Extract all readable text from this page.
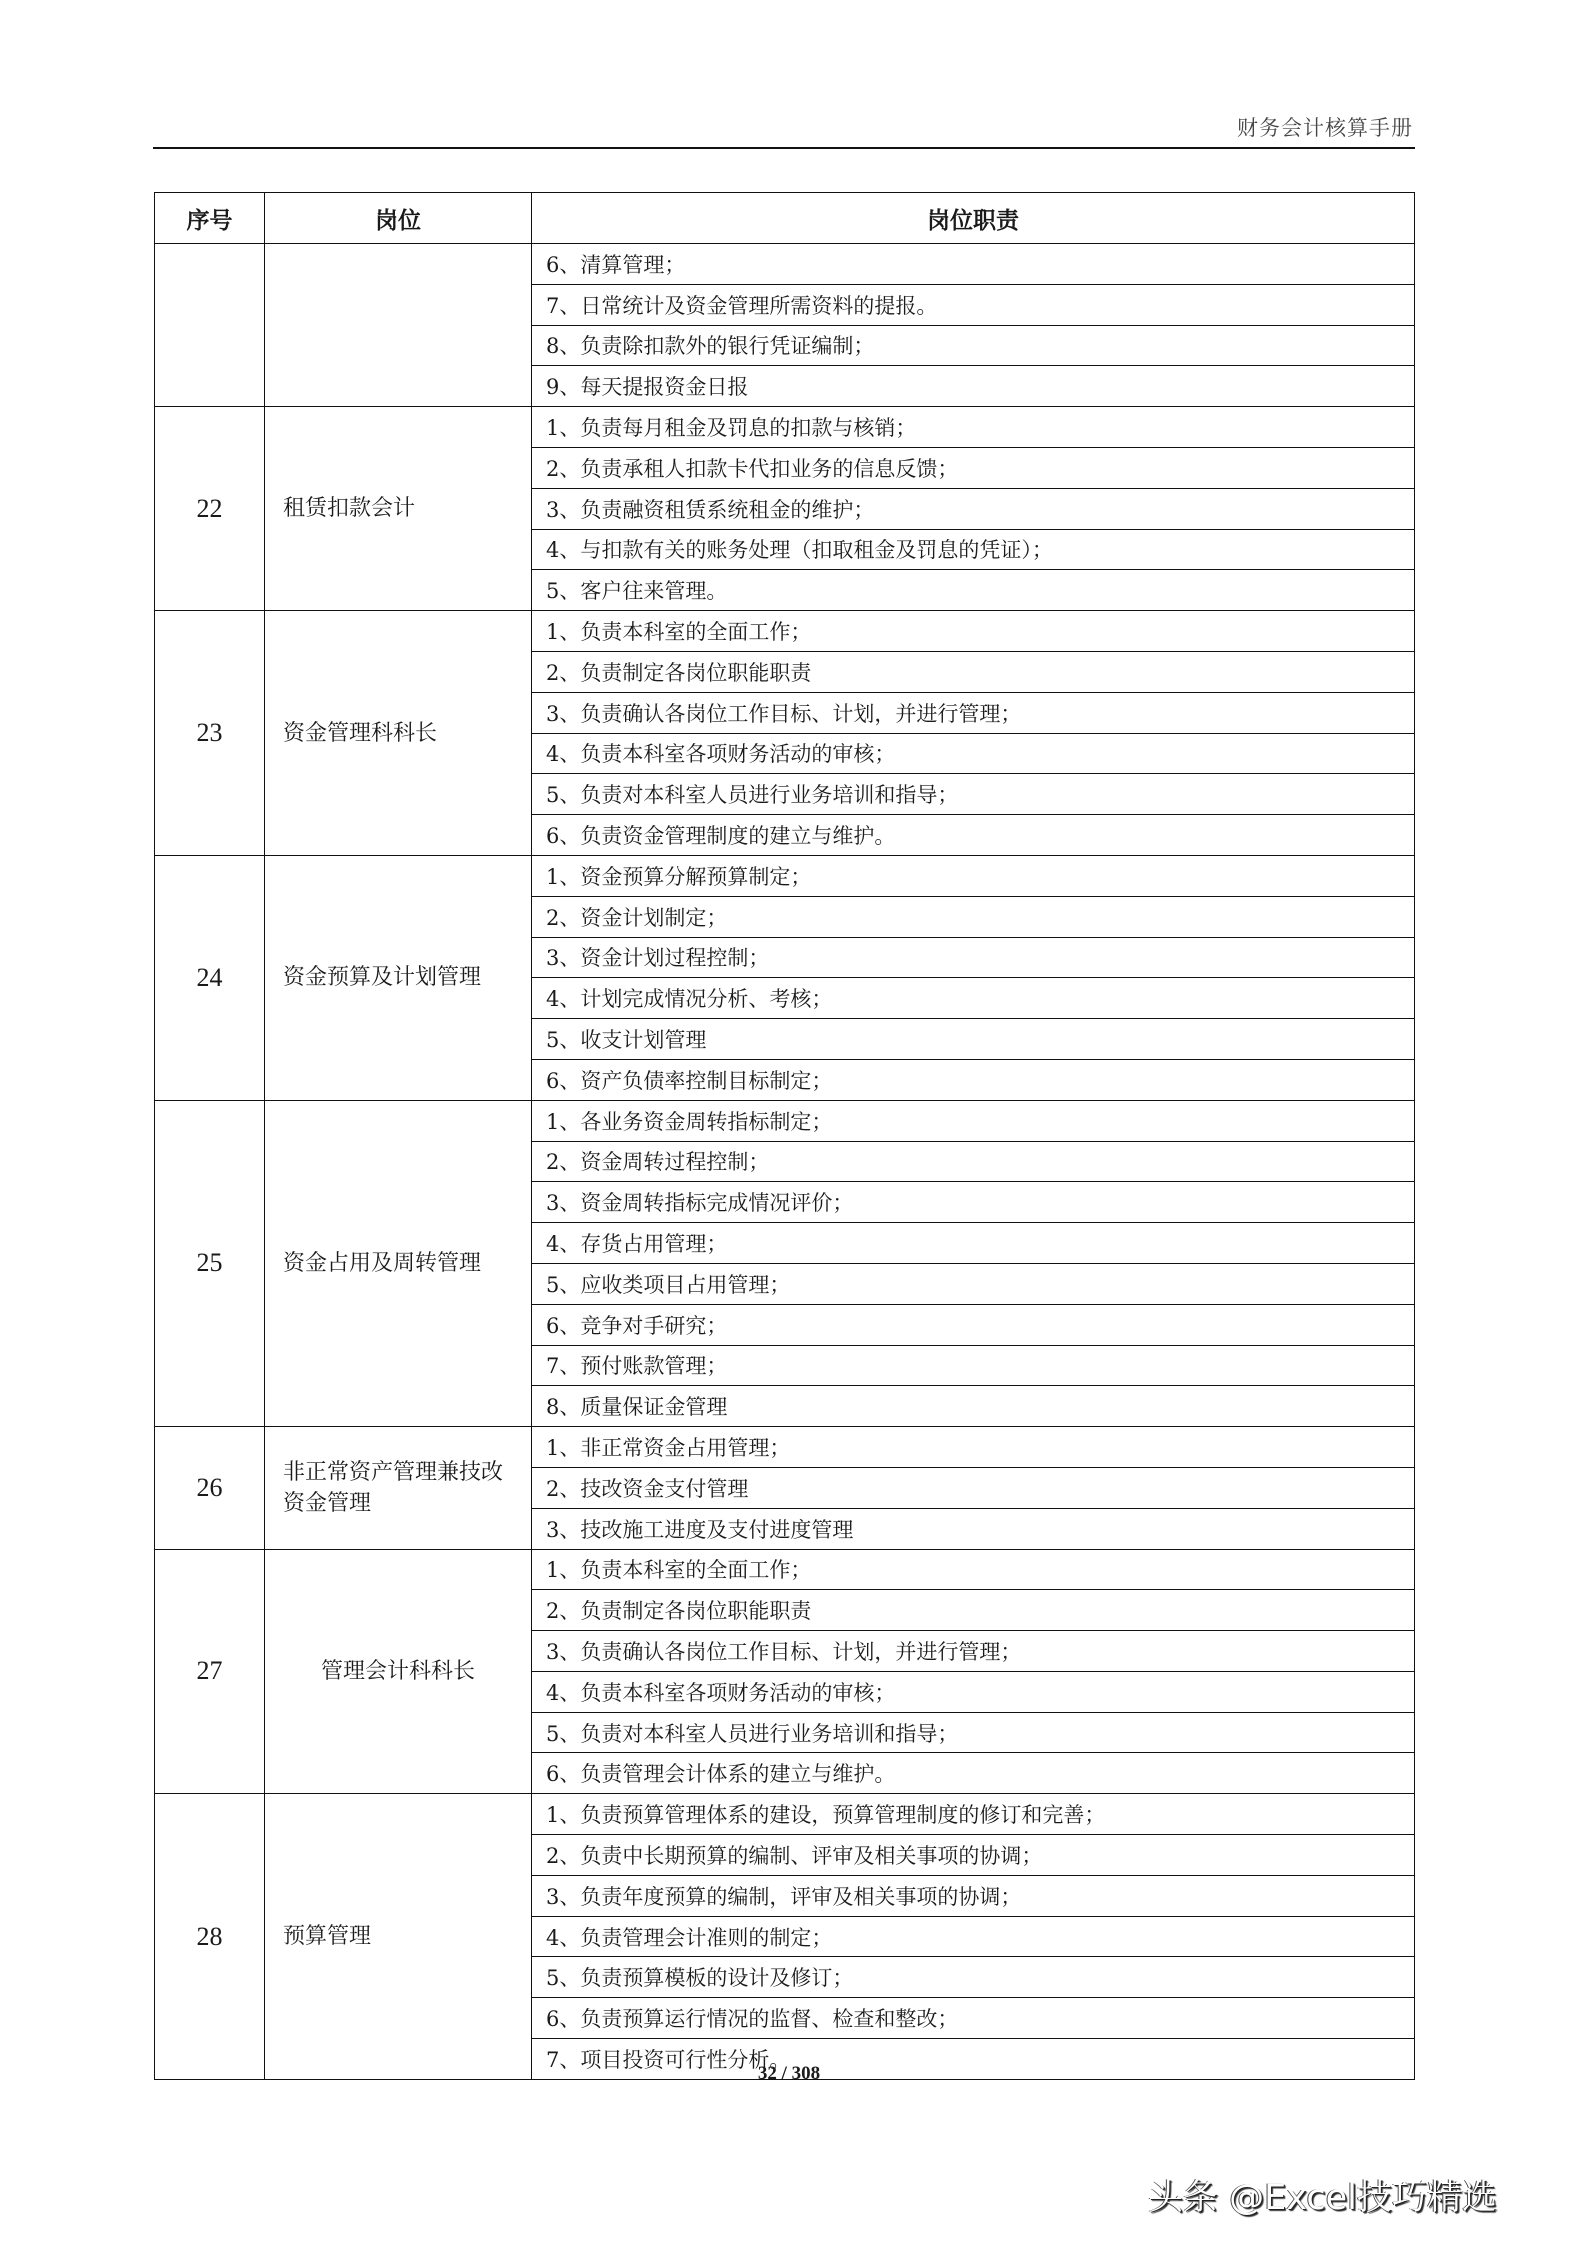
财务会计核算手册
序号	岗位	岗位职责
		6、清算管理；
		7、日常统计及资金管理所需资料的提报。
		8、负责除扣款外的银行凭证编制；
		9、每天提报资金日报
22	租赁扣款会计	1、负责每月租金及罚息的扣款与核销；
		2、负责承租人扣款卡代扣业务的信息反馈；
		3、负责融资租赁系统租金的维护；
		4、与扣款有关的账务处理（扣取租金及罚息的凭证）；
		5、客户往来管理。
23	资金管理科科长	1、负责本科室的全面工作；
		2、负责制定各岗位职能职责
		3、负责确认各岗位工作目标、计划，并进行管理；
		4、负责本科室各项财务活动的审核；
		5、负责对本科室人员进行业务培训和指导；
		6、负责资金管理制度的建立与维护。
24	资金预算及计划管理	1、资金预算分解预算制定；
		2、资金计划制定；
		3、资金计划过程控制；
		4、计划完成情况分析、考核；
		5、收支计划管理
		6、资产负债率控制目标制定；
25	资金占用及周转管理	1、各业务资金周转指标制定；
		2、资金周转过程控制；
		3、资金周转指标完成情况评价；
		4、存货占用管理；
		5、应收类项目占用管理；
		6、竞争对手研究；
		7、预付账款管理；
		8、质量保证金管理
26	非正常资产管理兼技改资金管理	1、非正常资金占用管理；
		2、技改资金支付管理
		3、技改施工进度及支付进度管理
27	管理会计科科长	1、负责本科室的全面工作；
		2、负责制定各岗位职能职责
		3、负责确认各岗位工作目标、计划，并进行管理；
		4、负责本科室各项财务活动的审核；
		5、负责对本科室人员进行业务培训和指导；
		6、负责管理会计体系的建立与维护。
28	预算管理	1、负责预算管理体系的建设，预算管理制度的修订和完善；
		2、负责中长期预算的编制、评审及相关事项的协调；
		3、负责年度预算的编制，评审及相关事项的协调；
		4、负责管理会计准则的制定；
		5、负责预算模板的设计及修订；
		6、负责预算运行情况的监督、检查和整改；
		7、项目投资可行性分析。
32 / 308
头条 @Excel技巧精选
